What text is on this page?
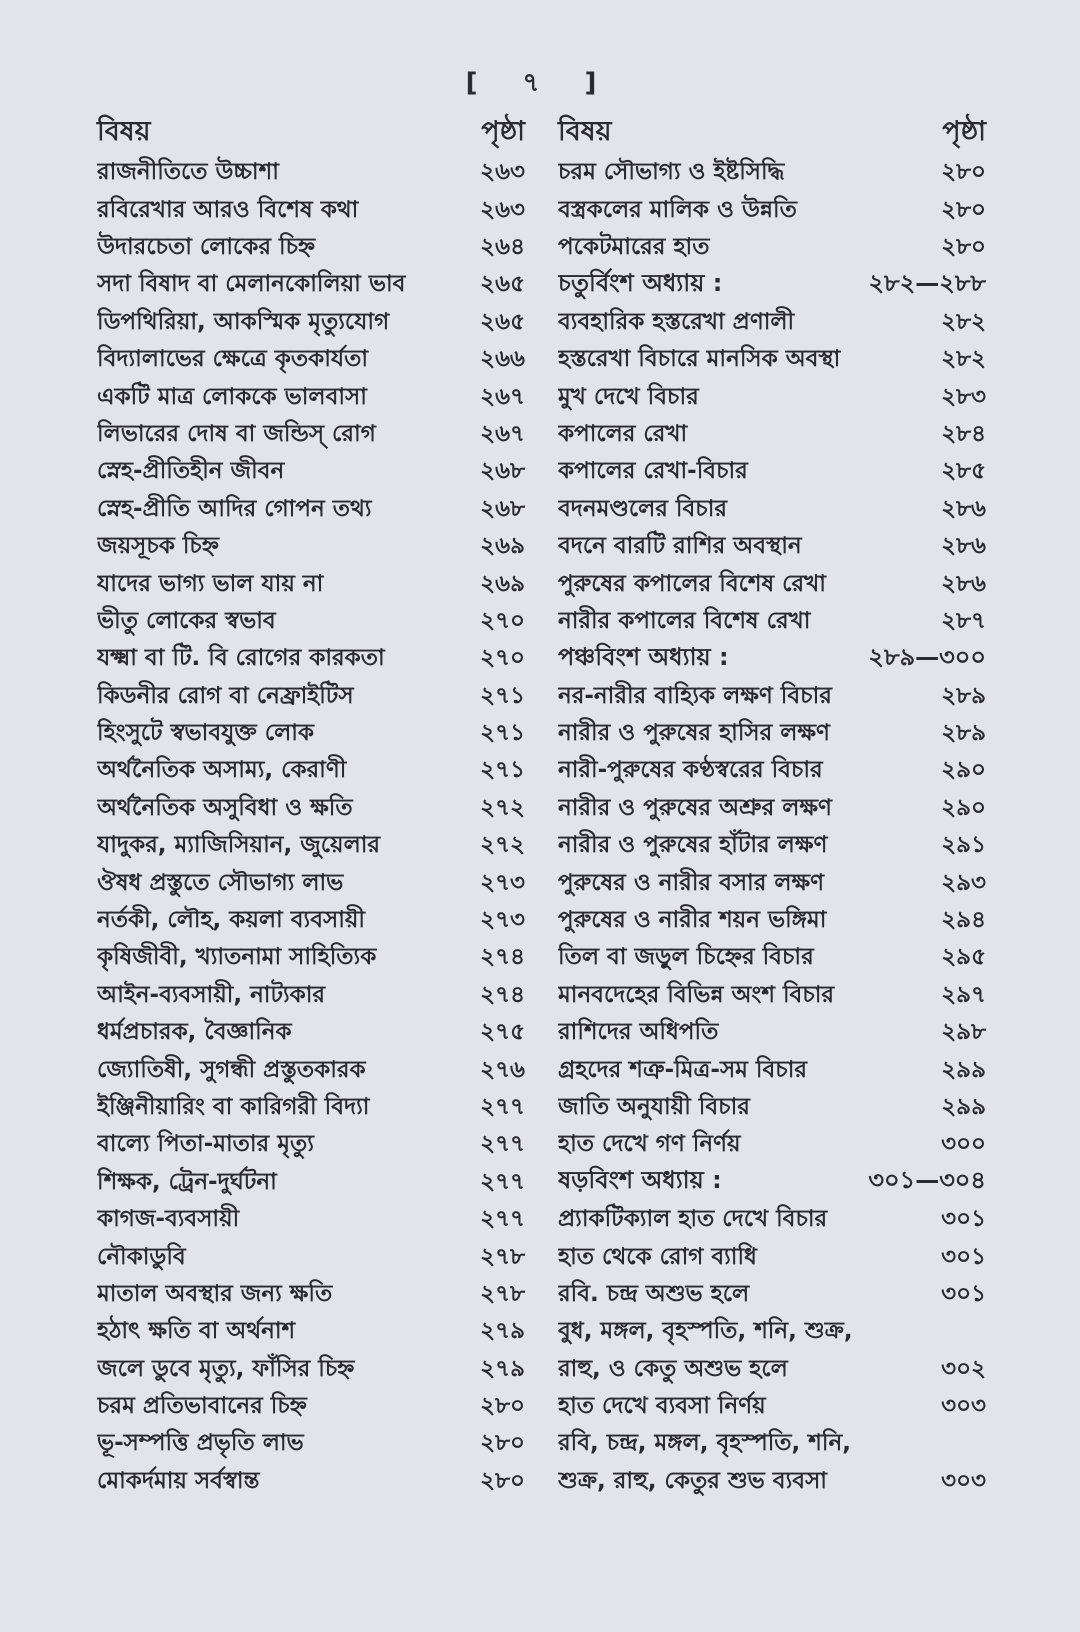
[ ৭ ]
বিষয়	পৃষ্ঠা
রাজনীতিতে উচ্চাশা	২৬৩
রবিরেখার আরও বিশেষ কথা	২৬৩
উদারচেতা লোকের চিহ্ন	২৬৪
সদা বিষাদ বা মেলানকোলিয়া ভাব	২৬৫
ডিপথিরিয়া, আকস্মিক মৃত্যুযোগ	২৬৫
বিদ্যালাভের ক্ষেত্রে কৃতকার্যতা	২৬৬
একটি মাত্র লোককে ভালবাসা	২৬৭
লিভারের দোষ বা জন্ডিস্ রোগ	২৬৭
স্নেহ-প্রীতিহীন জীবন	২৬৮
স্নেহ-প্রীতি আদির গোপন তথ্য	২৬৮
জয়সূচক চিহ্ন	২৬৯
যাদের ভাগ্য ভাল যায় না	২৬৯
ভীতু লোকের স্বভাব	২৭০
যক্ষ্মা বা টি. বি রোগের কারকতা	২৭০
কিডনীর রোগ বা নেফ্রাইটিস	২৭১
হিংসুটে স্বভাবযুক্ত লোক	২৭১
অর্থনৈতিক অসাম্য, কেরাণী	২৭১
অর্থনৈতিক অসুবিধা ও ক্ষতি	২৭২
যাদুকর, ম্যাজিসিয়ান, জুয়েলার	২৭২
ঔষধ প্রস্তুতে সৌভাগ্য লাভ	২৭৩
নর্তকী, লৌহ, কয়লা ব্যবসায়ী	২৭৩
কৃষিজীবী, খ্যাতনামা সাহিত্যিক	২৭৪
আইন-ব্যবসায়ী, নাট্যকার	২৭৪
ধর্মপ্রচারক, বৈজ্ঞানিক	২৭৫
জ্যোতিষী, সুগন্ধী প্রস্তুতকারক	২৭৬
ইঞ্জিনীয়ারিং বা কারিগরী বিদ্যা	২৭৭
বাল্যে পিতা-মাতার মৃত্যু	২৭৭
শিক্ষক, ট্রেন-দুর্ঘটনা	২৭৭
কাগজ-ব্যবসায়ী	২৭৭
নৌকাডুবি	২৭৮
মাতাল অবস্থার জন্য ক্ষতি	২৭৮
হঠাৎ ক্ষতি বা অর্থনাশ	২৭৯
জলে ডুবে মৃত্যু, ফাঁসির চিহ্ন	২৭৯
চরম প্রতিভাবানের চিহ্ন	২৮০
ভূ-সম্পত্তি প্রভৃতি লাভ	২৮০
মোকর্দমায় সর্বস্বান্ত	২৮০
বিষয়	পৃষ্ঠা
চরম সৌভাগ্য ও ইষ্টসিদ্ধি	২৮০
বস্ত্রকলের মালিক ও উন্নতি	২৮০
পকেটমারের হাত	২৮০
চতুর্বিংশ অধ্যায় :	২৮২—২৮৮
ব্যবহারিক হস্তরেখা প্রণালী	২৮২
হস্তরেখা বিচারে মানসিক অবস্থা	২৮২
মুখ দেখে বিচার	২৮৩
কপালের রেখা	২৮৪
কপালের রেখা-বিচার	২৮৫
বদনমণ্ডলের বিচার	২৮৬
বদনে বারটি রাশির অবস্থান	২৮৬
পুরুষের কপালের বিশেষ রেখা	২৮৬
নারীর কপালের বিশেষ রেখা	২৮৭
পঞ্চবিংশ অধ্যায় :	২৮৯—৩০০
নর-নারীর বাহ্যিক লক্ষণ বিচার	২৮৯
নারীর ও পুরুষের হাসির লক্ষণ	২৮৯
নারী-পুরুষের কণ্ঠস্বরের বিচার	২৯০
নারীর ও পুরুষের অশ্রুর লক্ষণ	২৯০
নারীর ও পুরুষের হাঁটার লক্ষণ	২৯১
পুরুষের ও নারীর বসার লক্ষণ	২৯৩
পুরুষের ও নারীর শয়ন ভঙ্গিমা	২৯৪
তিল বা জড়ুল চিহ্নের বিচার	২৯৫
মানবদেহের বিভিন্ন অংশ বিচার	২৯৭
রাশিদের অধিপতি	২৯৮
গ্রহদের শত্রু-মিত্র-সম বিচার	২৯৯
জাতি অনুযায়ী বিচার	২৯৯
হাত দেখে গণ নির্ণয়	৩০০
ষড়বিংশ অধ্যায় :	৩০১—৩০৪
প্র্যাকটিক্যাল হাত দেখে বিচার	৩০১
হাত থেকে রোগ ব্যাধি	৩০১
রবি. চন্দ্র অশুভ হলে	৩০১
বুধ, মঙ্গল, বৃহস্পতি, শনি, শুক্র,
রাহু, ও কেতু অশুভ হলে	৩০২
হাত দেখে ব্যবসা নির্ণয়	৩০৩
রবি, চন্দ্র, মঙ্গল, বৃহস্পতি, শনি,
শুক্র, রাহু, কেতুর শুভ ব্যবসা	৩০৩
